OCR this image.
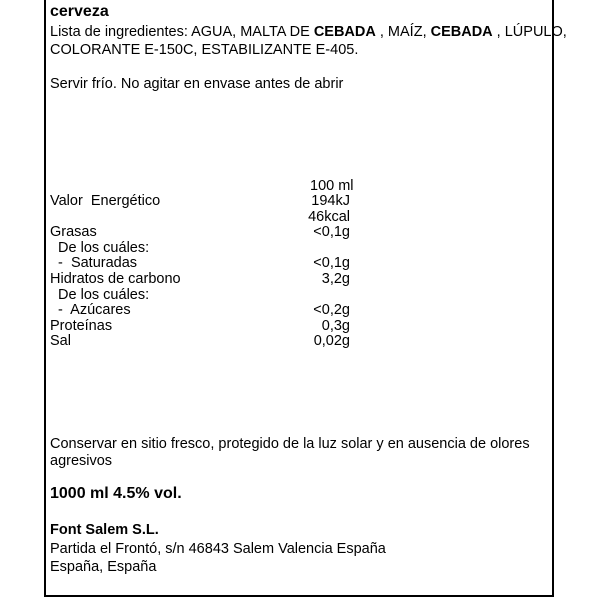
cerveza
Lista de ingredientes: AGUA, MALTA DE CEBADA , MAÍZ, CEBADA , LÚPULO,
COLORANTE E-150C, ESTABILIZANTE E-405.
Servir frío. No agitar en envase antes de abrir
100 ml
Valor  Energético	194kJ
46kcal
Grasas	<0,1g
De los cuáles:
-  Saturadas	<0,1g
Hidratos de carbono	3,2g
De los cuáles:
-  Azúcares	<0,2g
Proteínas	0,3g
Sal	0,02g
Conservar en sitio fresco, protegido de la luz solar y en ausencia de olores
agresivos
1000 ml 4.5% vol.
Font Salem S.L.
Partida el Frontó, s/n 46843 Salem Valencia España
España, España
